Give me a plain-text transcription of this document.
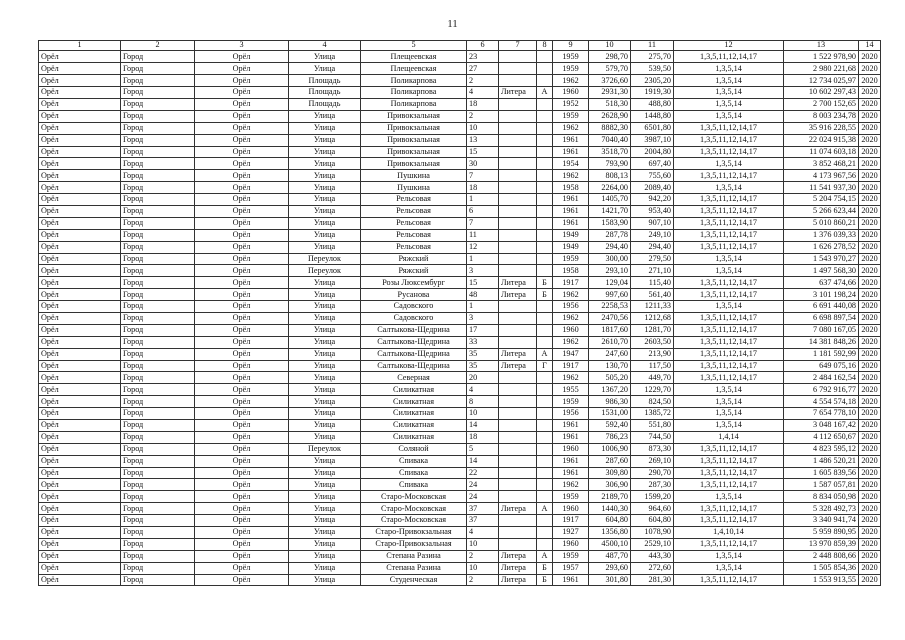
11
1	2	3	4	5	6	7	8	9	10	11	12	13	14
Орёл	Город	Орёл	Улица	Плещеевская	23			1959	298,70	275,70	1,3,5,11,12,14,17	1 522 978,90	2020
Орёл	Город	Орёл	Улица	Плещеевская	27			1959	579,70	539,50	1,3,5,14	2 980 221,68	2020
Орёл	Город	Орёл	Площадь	Поликарпова	2			1962	3726,60	2305,20	1,3,5,14	12 734 025,97	2020
Орёл	Город	Орёл	Площадь	Поликарпова	4	Литера	А	1960	2931,30	1919,30	1,3,5,14	10 602 297,43	2020
Орёл	Город	Орёл	Площадь	Поликарпова	18			1952	518,30	488,80	1,3,5,14	2 700 152,65	2020
Орёл	Город	Орёл	Улица	Привокзальная	2			1959	2628,90	1448,80	1,3,5,14	8 003 234,78	2020
Орёл	Город	Орёл	Улица	Привокзальная	10			1962	8882,30	6501,80	1,3,5,11,12,14,17	35 916 228,55	2020
Орёл	Город	Орёл	Улица	Привокзальная	13			1961	7040,40	3987,10	1,3,5,11,12,14,17	22 024 915,38	2020
Орёл	Город	Орёл	Улица	Привокзальная	15			1961	3518,70	2004,80	1,3,5,11,12,14,17	11 074 603,18	2020
Орёл	Город	Орёл	Улица	Привокзальная	30			1954	793,90	697,40	1,3,5,14	3 852 468,21	2020
Орёл	Город	Орёл	Улица	Пушкина	7			1962	808,13	755,60	1,3,5,11,12,14,17	4 173 967,56	2020
Орёл	Город	Орёл	Улица	Пушкина	18			1958	2264,00	2089,40	1,3,5,14	11 541 937,30	2020
Орёл	Город	Орёл	Улица	Рельсовая	1			1961	1405,70	942,20	1,3,5,11,12,14,17	5 204 754,15	2020
Орёл	Город	Орёл	Улица	Рельсовая	6			1961	1421,70	953,40	1,3,5,11,12,14,17	5 266 623,44	2020
Орёл	Город	Орёл	Улица	Рельсовая	7			1961	1583,90	907,10	1,3,5,11,12,14,17	5 010 860,21	2020
Орёл	Город	Орёл	Улица	Рельсовая	11			1949	287,78	249,10	1,3,5,11,12,14,17	1 376 039,33	2020
Орёл	Город	Орёл	Улица	Рельсовая	12			1949	294,40	294,40	1,3,5,11,12,14,17	1 626 278,52	2020
Орёл	Город	Орёл	Переулок	Ряжский	1			1959	300,00	279,50	1,3,5,14	1 543 970,27	2020
Орёл	Город	Орёл	Переулок	Ряжский	3			1958	293,10	271,10	1,3,5,14	1 497 568,30	2020
Орёл	Город	Орёл	Улица	Розы Люксембург	15	Литера	Б	1917	129,04	115,40	1,3,5,11,12,14,17	637 474,66	2020
Орёл	Город	Орёл	Улица	Русанова	48	Литера	Б	1962	997,60	561,40	1,3,5,11,12,14,17	3 101 198,24	2020
Орёл	Город	Орёл	Улица	Садовского	1			1956	2258,53	1211,33	1,3,5,14	6 691 440,08	2020
Орёл	Город	Орёл	Улица	Садовского	3			1962	2470,56	1212,68	1,3,5,11,12,14,17	6 698 897,54	2020
Орёл	Город	Орёл	Улица	Салтыкова-Щедрина	17			1960	1817,60	1281,70	1,3,5,11,12,14,17	7 080 167,05	2020
Орёл	Город	Орёл	Улица	Салтыкова-Щедрина	33			1962	2610,70	2603,50	1,3,5,11,12,14,17	14 381 848,26	2020
Орёл	Город	Орёл	Улица	Салтыкова-Щедрина	35	Литера	А	1947	247,60	213,90	1,3,5,11,12,14,17	1 181 592,99	2020
Орёл	Город	Орёл	Улица	Салтыкова-Щедрина	35	Литера	Г	1917	130,70	117,50	1,3,5,11,12,14,17	649 075,16	2020
Орёл	Город	Орёл	Улица	Северная	20			1962	505,20	449,70	1,3,5,11,12,14,17	2 484 162,54	2020
Орёл	Город	Орёл	Улица	Силикатная	4			1955	1367,20	1229,70	1,3,5,14	6 792 916,77	2020
Орёл	Город	Орёл	Улица	Силикатная	8			1959	986,30	824,50	1,3,5,14	4 554 574,18	2020
Орёл	Город	Орёл	Улица	Силикатная	10			1956	1531,00	1385,72	1,3,5,14	7 654 778,10	2020
Орёл	Город	Орёл	Улица	Силикатная	14			1961	592,40	551,80	1,3,5,14	3 048 167,42	2020
Орёл	Город	Орёл	Улица	Силикатная	18			1961	786,23	744,50	1,4,14	4 112 650,67	2020
Орёл	Город	Орёл	Переулок	Соляной	5			1960	1006,90	873,30	1,3,5,11,12,14,17	4 823 595,12	2020
Орёл	Город	Орёл	Улица	Спивака	14			1961	287,60	269,10	1,3,5,11,12,14,17	1 486 520,21	2020
Орёл	Город	Орёл	Улица	Спивака	22			1961	309,80	290,70	1,3,5,11,12,14,17	1 605 839,56	2020
Орёл	Город	Орёл	Улица	Спивака	24			1962	306,90	287,30	1,3,5,11,12,14,17	1 587 057,81	2020
Орёл	Город	Орёл	Улица	Старо-Московская	24			1959	2189,70	1599,20	1,3,5,14	8 834 050,98	2020
Орёл	Город	Орёл	Улица	Старо-Московская	37	Литера	А	1960	1440,30	964,60	1,3,5,11,12,14,17	5 328 492,73	2020
Орёл	Город	Орёл	Улица	Старо-Московская	37			1917	604,80	604,80	1,3,5,11,12,14,17	3 340 941,74	2020
Орёл	Город	Орёл	Улица	Старо-Привокзальная	4			1927	1356,80	1078,90	1,4,10,14	5 959 890,95	2020
Орёл	Город	Орёл	Улица	Старо-Привокзальная	10			1960	4500,10	2529,10	1,3,5,11,12,14,17	13 970 859,39	2020
Орёл	Город	Орёл	Улица	Степана Разина	2	Литера	А	1959	487,70	443,30	1,3,5,14	2 448 808,66	2020
Орёл	Город	Орёл	Улица	Степана Разина	10	Литера	Б	1957	293,60	272,60	1,3,5,14	1 505 854,36	2020
Орёл	Город	Орёл	Улица	Студенческая	2	Литера	Б	1961	301,80	281,30	1,3,5,11,12,14,17	1 553 913,55	2020
